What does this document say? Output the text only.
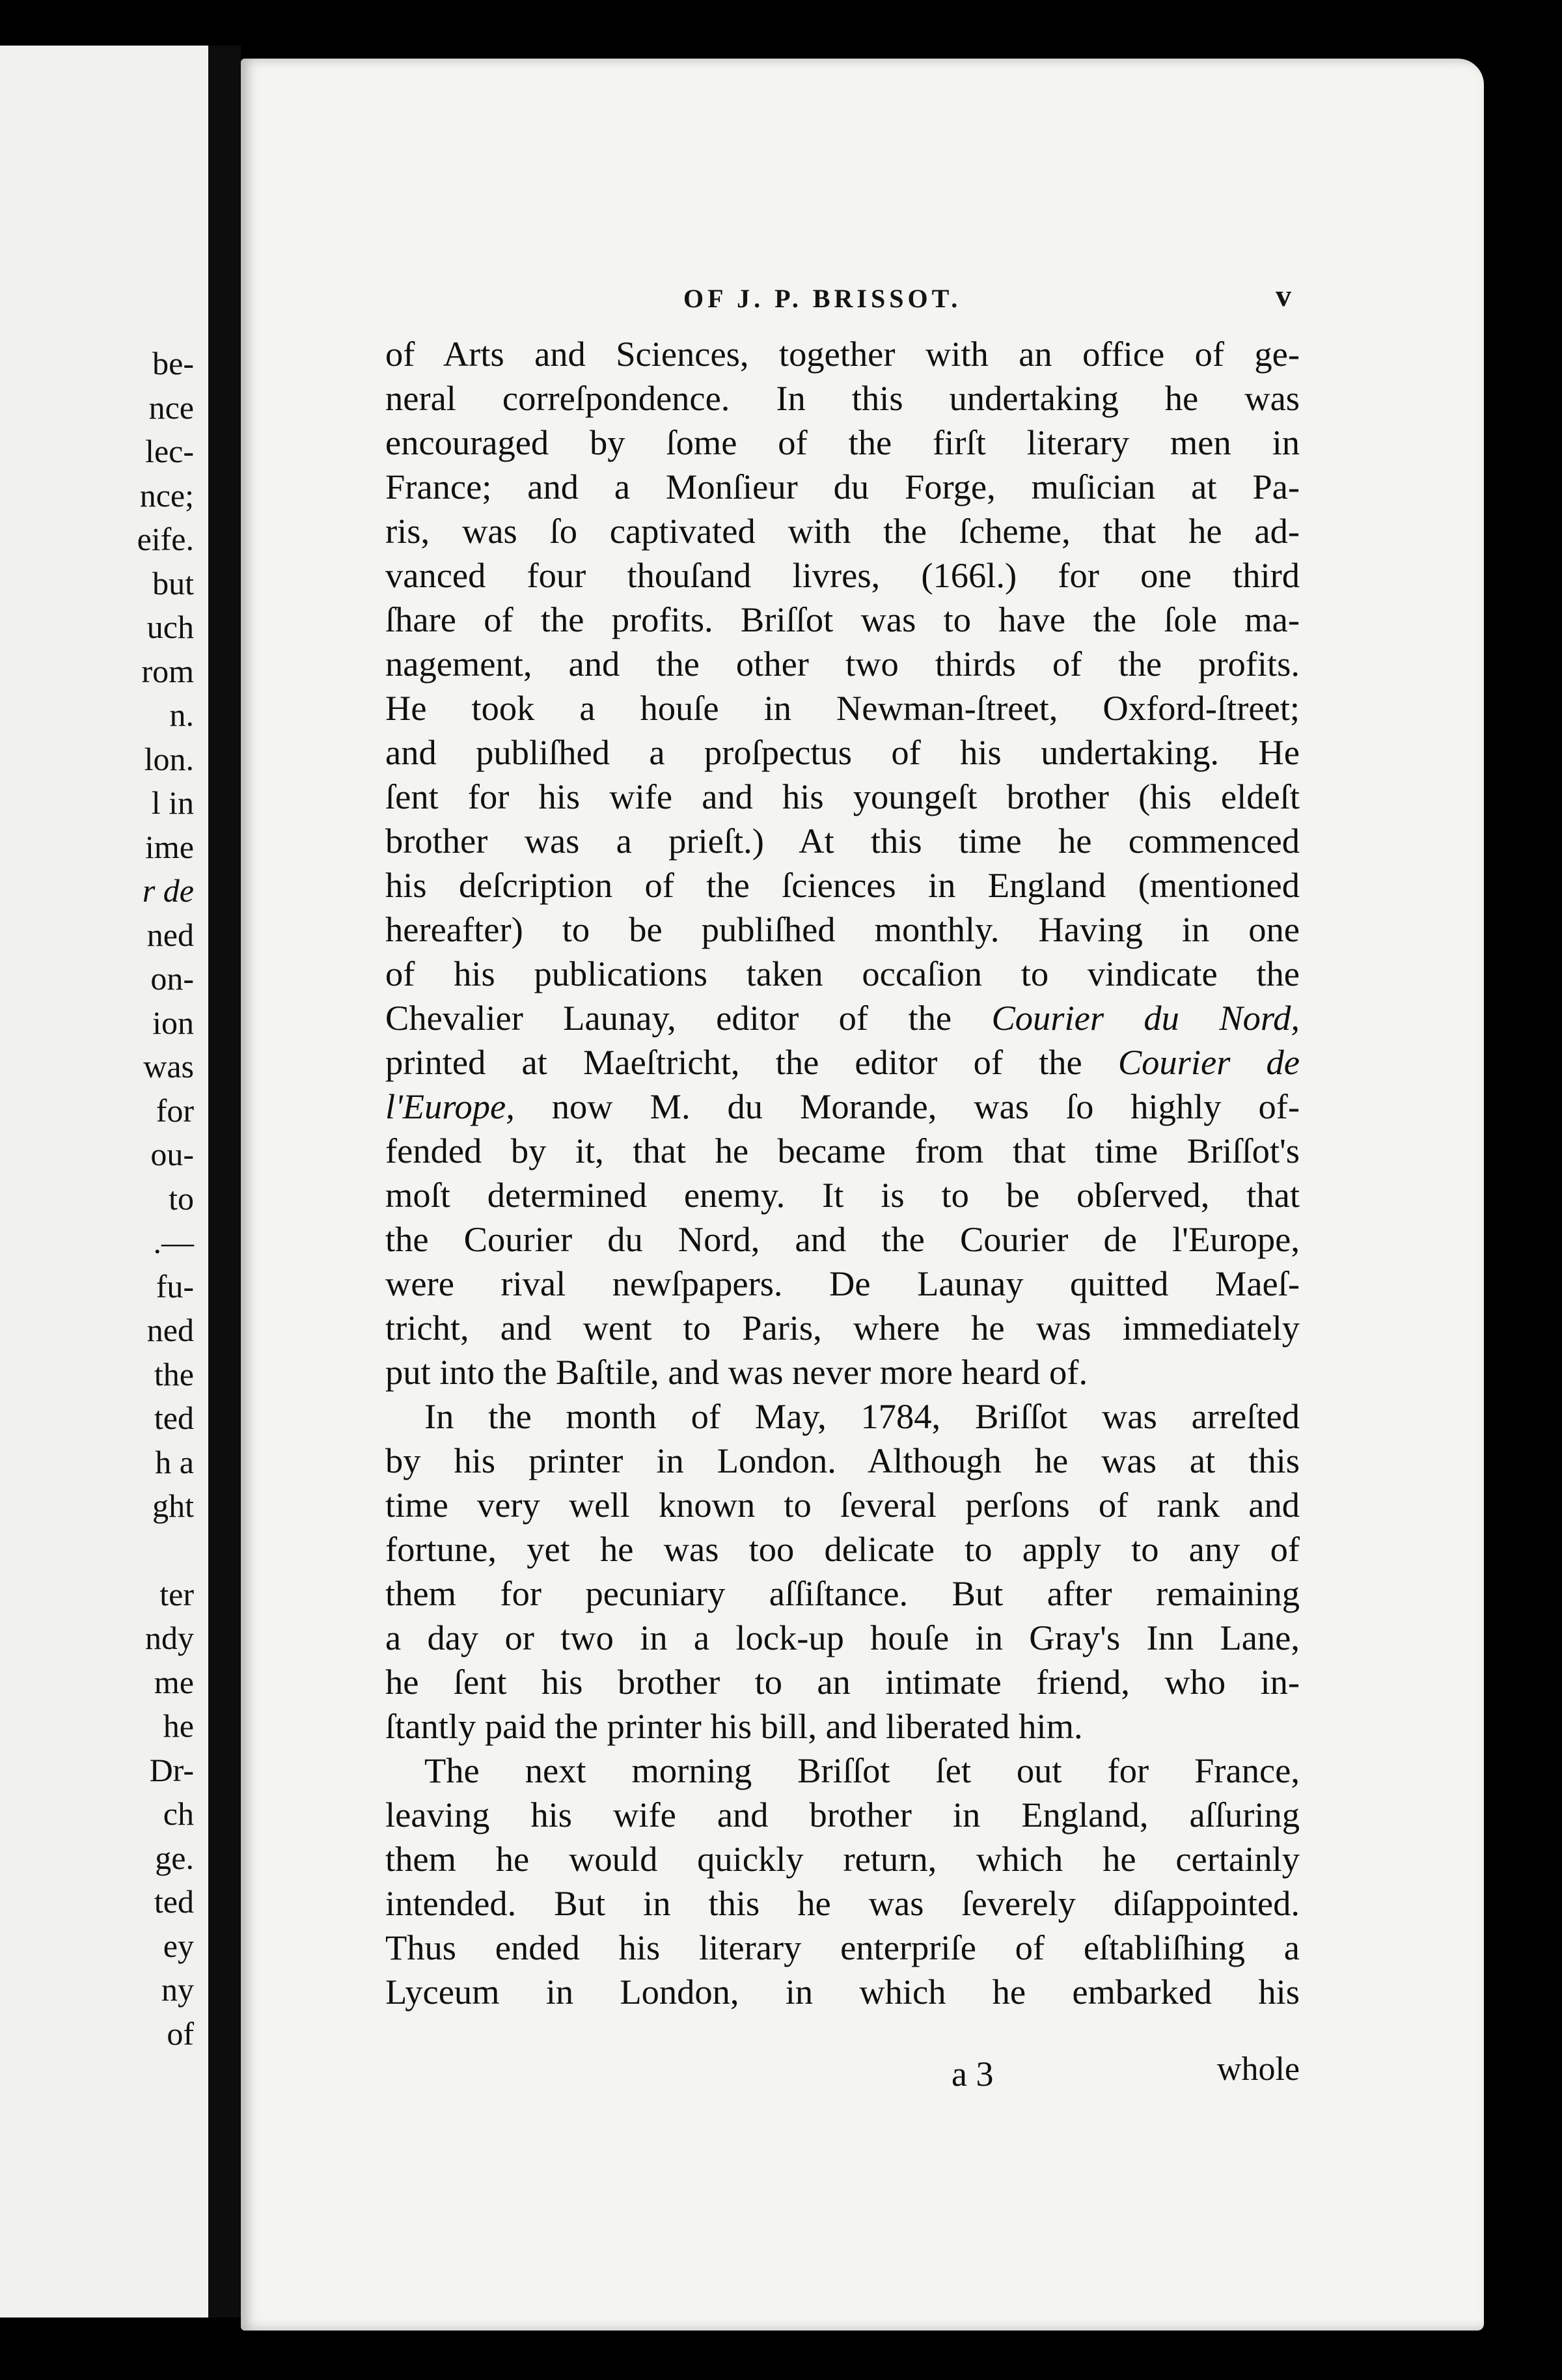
be-
nce
lec-
nce;
eife.
but
uch
rom
n.
lon.
l in
ime
r de
ned
on-
ion
was
for
ou-
to
.—
fu-
ned
the
ted
h a
ght
ter
ndy
me
he
Dr-
ch
ge.
ted
ey
ny
of
OF J. P. BRISSOT.	v
of Arts and Sciences, together with an office of ge-
neral correſpondence. In this undertaking he was
encouraged by ſome of the firſt literary men in
France; and a Monſieur du Forge, muſician at Pa-
ris, was ſo captivated with the ſcheme, that he ad-
vanced four thouſand livres, (166l.) for one third
ſhare of the profits. Briſſot was to have the ſole ma-
nagement, and the other two thirds of the profits.
He took a houſe in Newman-ſtreet, Oxford-ſtreet;
and publiſhed a proſpectus of his undertaking. He
ſent for his wife and his youngeſt brother (his eldeſt
brother was a prieſt.) At this time he commenced
his deſcription of the ſciences in England (mentioned
hereafter) to be publiſhed monthly. Having in one
of his publications taken occaſion to vindicate the
Chevalier Launay, editor of the Courier du Nord,
printed at Maeſtricht, the editor of the Courier de
l'Europe, now M. du Morande, was ſo highly of-
fended by it, that he became from that time Briſſot's
moſt determined enemy. It is to be obſerved, that
the Courier du Nord, and the Courier de l'Europe,
were rival newſpapers. De Launay quitted Maeſ-
tricht, and went to Paris, where he was immediately
put into the Baſtile, and was never more heard of.
In the month of May, 1784, Briſſot was arreſted
by his printer in London. Although he was at this
time very well known to ſeveral perſons of rank and
fortune, yet he was too delicate to apply to any of
them for pecuniary aſſiſtance. But after remaining
a day or two in a lock-up houſe in Gray's Inn Lane,
he ſent his brother to an intimate friend, who in-
ſtantly paid the printer his bill, and liberated him.
The next morning Briſſot ſet out for France,
leaving his wife and brother in England, aſſuring
them he would quickly return, which he certainly
intended. But in this he was ſeverely diſappointed.
Thus ended his literary enterpriſe of eſtabliſhing a
Lyceum in London, in which he embarked his
a 3	whole
